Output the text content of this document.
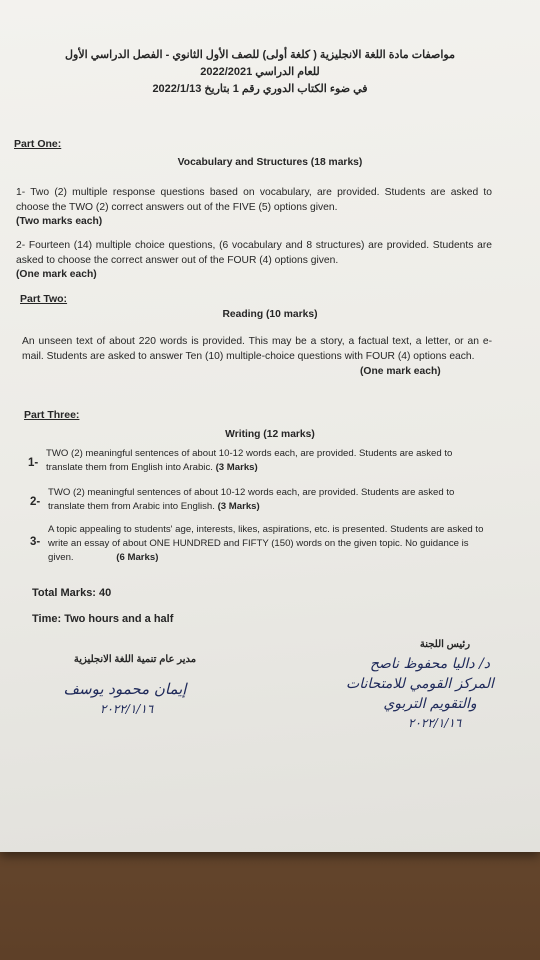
مواصفات مادة اللغة الانجليزية ( كلغة أولى) للصف الأول الثانوي - الفصل الدراسي الأول
للعام الدراسي 2022/2021
في ضوء الكتاب الدوري رقم 1 بتاريخ 2022/1/13
Part One:
Vocabulary and Structures (18 marks)
1- Two (2) multiple response questions based on vocabulary, are provided. Students are asked to choose the TWO (2) correct answers out of the FIVE (5) options given.
(Two marks each)
2- Fourteen (14) multiple choice questions, (6 vocabulary and 8 structures) are provided. Students are asked to choose the correct answer out of the FOUR (4) options given.
(One mark each)
Part Two:
Reading (10 marks)
An unseen text of about 220 words is provided. This may be a story, a factual text, a letter, or an e-mail. Students are asked to answer Ten (10) multiple-choice questions with FOUR (4) options each.
(One mark each)
Part Three:
Writing (12 marks)
1-
TWO (2) meaningful sentences of about 10-12 words each, are provided. Students are asked to translate them from English into Arabic. (3 Marks)
2-
TWO (2) meaningful sentences of about 10-12 words each, are provided. Students are asked to translate them from Arabic into English. (3 Marks)
3-
A topic appealing to students' age, interests, likes, aspirations, etc. is presented. Students are asked to write an essay of about ONE HUNDRED and FIFTY (150) words on the given topic. No guidance is given.	(6 Marks)
Total Marks: 40
Time: Two hours and a half
مدير عام تنمية اللغة الانجليزية
إيمان محمود يوسف
٢٠٢٢/١/١٦
رئيس اللجنة
د/ داليا محفوظ ناصح
المركز القومي للامتحانات
والتقويم التربوي
٢٠٢٢/١/١٦
